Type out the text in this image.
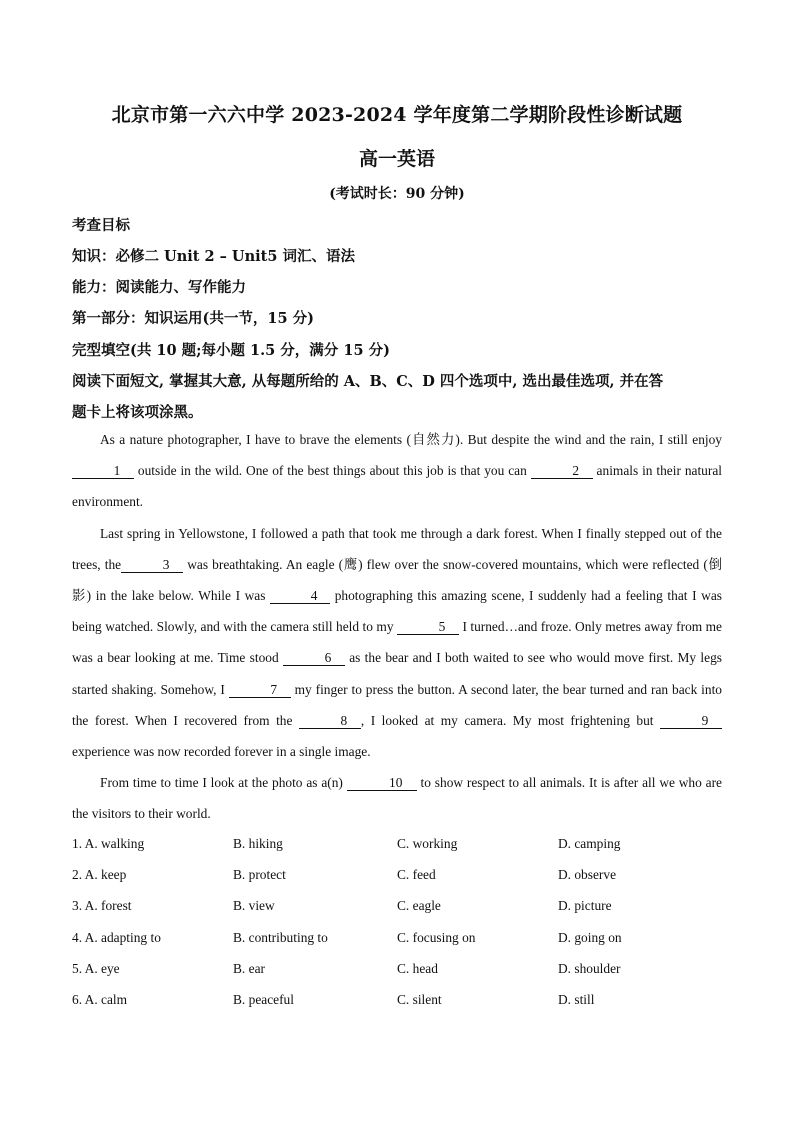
北京市第一六六中学 2023-2024 学年度第二学期阶段性诊断试题
高一英语
(考试时长：90 分钟)
考查目标
知识：必修二 Unit 2 – Unit5 词汇、语法
能力：阅读能力、写作能力
第一部分：知识运用(共一节，15 分)
完型填空(共 10 题;每小题 1.5 分，满分 15 分)
阅读下面短文, 掌握其大意, 从每题所给的 A、B、C、D 四个选项中, 选出最佳选项, 并在答
题卡上将该项涂黑。

As a nature photographer, I have to brave the elements (自然力). But despite the wind and the rain, I still enjoy 1 outside in the wild. One of the best things about this job is that you can	2 animals in their natural environment.

Last spring in Yellowstone, I followed a path that took me through a dark forest. When I finally stepped out of the trees, the	3 was breathtaking. An eagle (鹰) flew over the snow-covered mountains, which were reflected (倒影) in the lake below. While I was	4 photographing this amazing scene, I suddenly had a feeling that I was being watched. Slowly, and with the camera still held to my	5 I turned…and froze. Only metres away from me was a bear looking at me. Time stood	6 as the bear and I both waited to see who would move first. My legs started shaking. Somehow, I	7 my finger to press the button. A second later, the bear turned and ran back into the forest. When I recovered from the	8 , I looked at my camera. My most frightening but	9 experience was now recorded forever in a single image.

From time to time I look at the photo as a(n)	10 to show respect to all animals. It is after all we who are the visitors to their world.

1. A. walking	B. hiking	C. working	D. camping
2. A. keep	B. protect	C. feed	D. observe
3. A. forest	B. view	C. eagle	D. picture
4. A. adapting to	B. contributing to	C. focusing on	D. going on
5. A. eye	B. ear	C. head	D. shoulder
6. A. calm	B. peaceful	C. silent	D. still
